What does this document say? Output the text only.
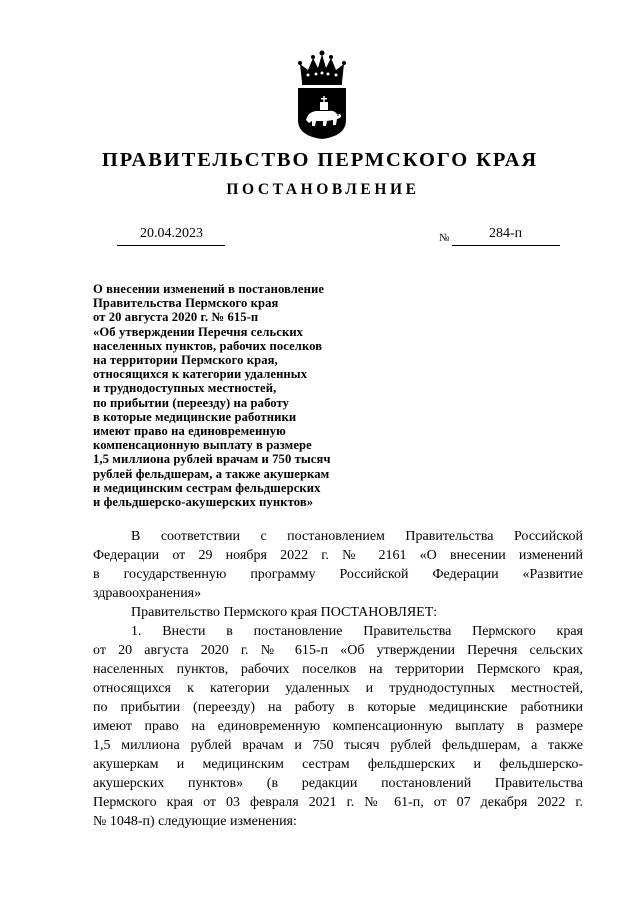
ПРАВИТЕЛЬСТВО ПЕРМСКОГО КРАЯ
ПОСТАНОВЛЕНИЕ
20.04.2023	№	284-п
О внесении изменений в постановление
Правительства Пермского края
от 20 августа 2020 г. № 615-п
«Об утверждении Перечня сельских
населенных пунктов, рабочих поселков
на территории Пермского края,
относящихся к категории удаленных
и труднодоступных местностей,
по прибытии (переезду) на работу
в которые медицинские работники
имеют право на единовременную
компенсационную выплату в размере
1,5 миллиона рублей врачам и 750 тысяч
рублей фельдшерам, а также акушеркам
и медицинским сестрам фельдшерских
и фельдшерско-акушерских пунктов»
В соответствии с постановлением Правительства Российской
Федерации от 29 ноября 2022 г. № 2161 «О внесении изменений
в государственную программу Российской Федерации «Развитие
здравоохранения»
Правительство Пермского края ПОСТАНОВЛЯЕТ:
1. Внести в постановление Правительства Пермского края
от 20 августа 2020 г. № 615-п «Об утверждении Перечня сельских
населенных пунктов, рабочих поселков на территории Пермского края,
относящихся к категории удаленных и труднодоступных местностей,
по прибытии (переезду) на работу в которые медицинские работники
имеют право на единовременную компенсационную выплату в размере
1,5 миллиона рублей врачам и 750 тысяч рублей фельдшерам, а также
акушеркам и медицинским сестрам фельдшерских и фельдшерско-
акушерских пунктов» (в редакции постановлений Правительства
Пермского края от 03 февраля 2021 г. № 61-п, от 07 декабря 2022 г.
№ 1048-п) следующие изменения:
